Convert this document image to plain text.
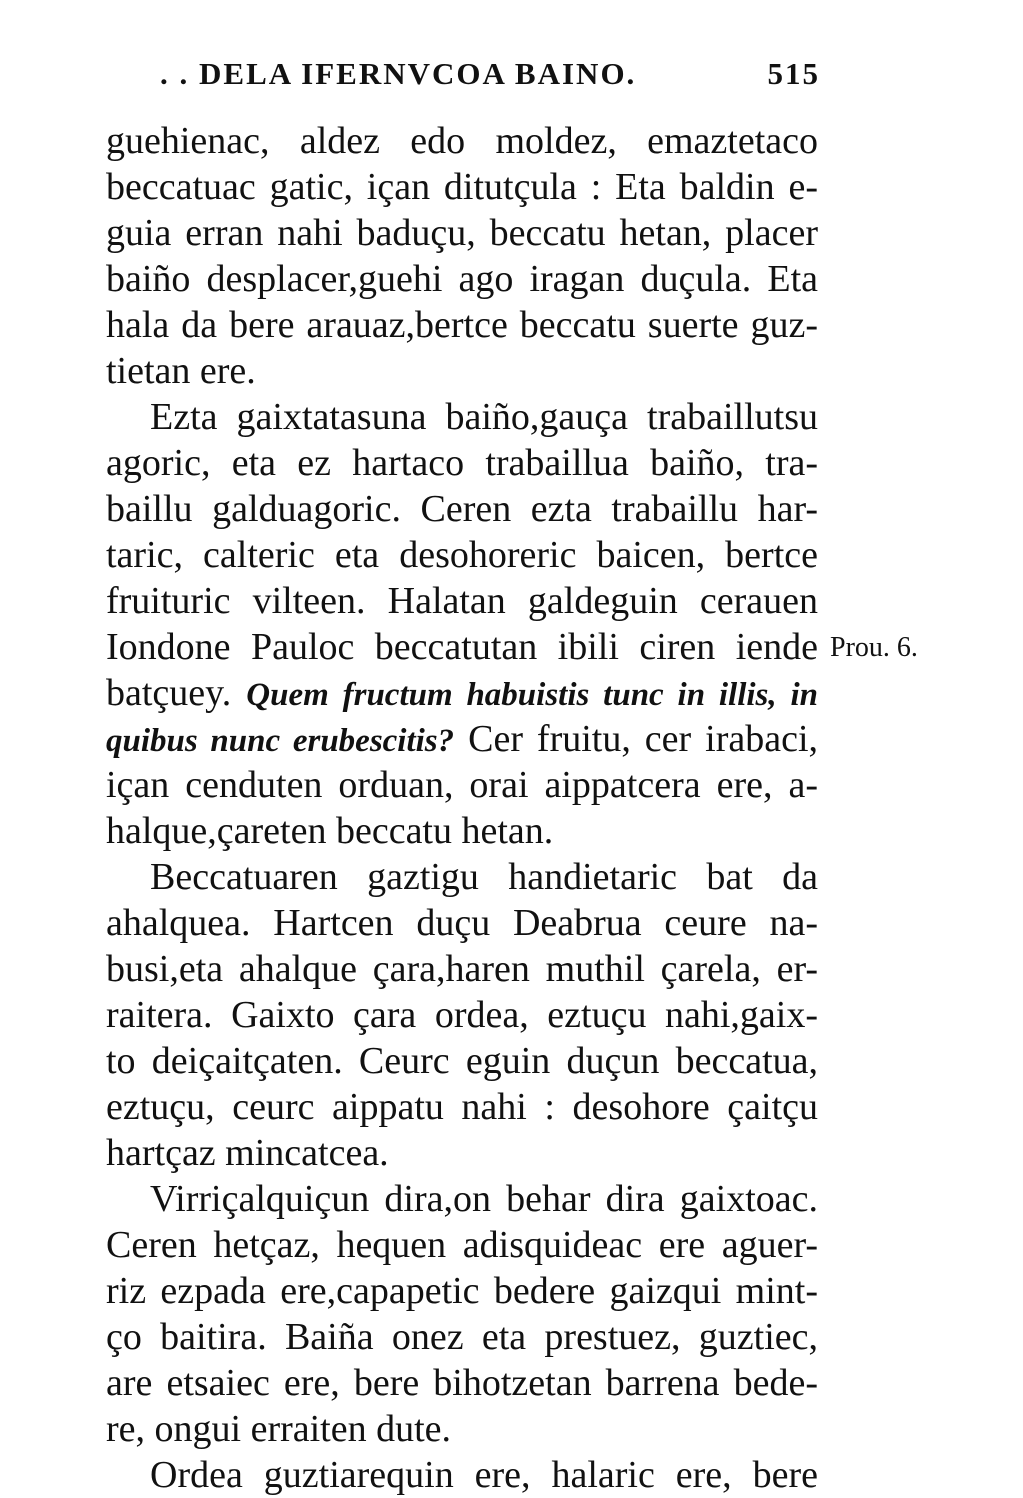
. . DELA IFERNVCOA BAINO.	515
guehienac, aldez edo moldez, emaztetaco
beccatuac gatic, içan ditutçula : Eta baldin e-
guia erran nahi baduçu, beccatu hetan, placer
baiño desplacer,guehi ago iragan duçula. Eta
hala da bere arauaz,bertce beccatu suerte guz-
tietan ere.
Ezta gaixtatasuna baiño,gauça trabaillutsu
agoric, eta ez hartaco trabaillua baiño, tra-
baillu galduagoric. Ceren ezta trabaillu har-
taric, calteric eta desohoreric baicen, bertce
fruituric vilteen. Halatan galdeguin cerauen
Iondone Pauloc beccatutan ibili ciren iende
batçuey. Quem fructum habuistis tunc in illis, in
quibus nunc erubescitis? Cer fruitu, cer irabaci,
içan cenduten orduan, orai aippatcera ere, a-
halque,çareten beccatu hetan.
Beccatuaren gaztigu handietaric bat da
ahalquea. Hartcen duçu Deabrua ceure na-
busi,eta ahalque çara,haren muthil çarela, er-
raitera. Gaixto çara ordea, eztuçu nahi,gaix-
to deiçaitçaten. Ceurc eguin duçun beccatua,
eztuçu, ceurc aippatu nahi : desohore çaitçu
hartçaz mincatcea.
Virriçalquiçun dira,on behar dira gaixtoac.
Ceren hetçaz, hequen adisquideac ere aguer-
riz ezpada ere,capapetic bedere gaizqui mint-
ço baitira. Baiña onez eta prestuez, guztiec,
are etsaiec ere, bere bihotzetan barrena bede-
re, ongui erraiten dute.
Ordea guztiarequin ere, halaric ere, bere
Prou. 6.
